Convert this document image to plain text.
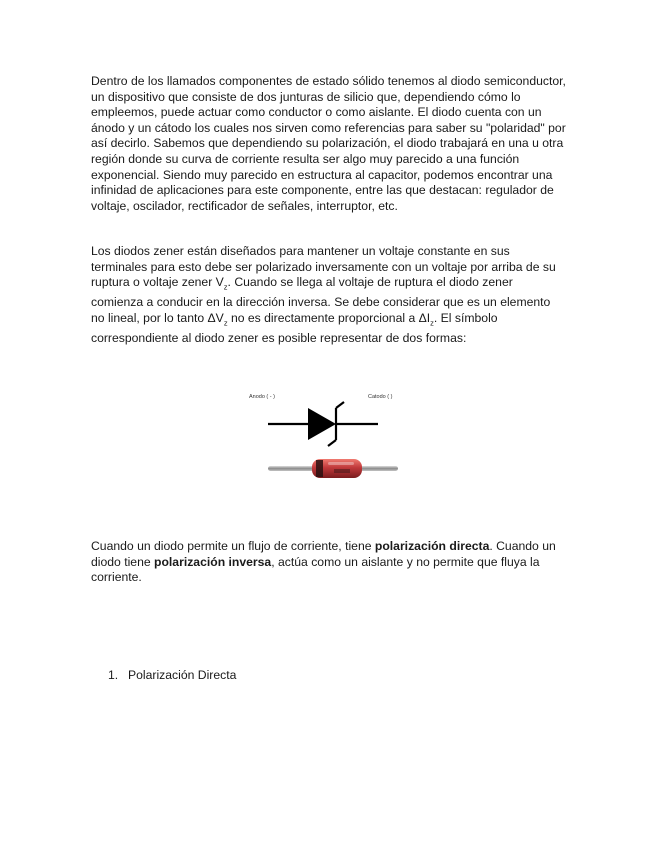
Dentro de los llamados componentes de estado sólido tenemos al diodo semiconductor, un dispositivo que consiste de dos junturas de silicio que, dependiendo cómo lo empleemos, puede actuar como conductor o como aislante. El diodo cuenta con un ánodo y un cátodo los cuales nos sirven como referencias para saber su "polaridad" por así decirlo. Sabemos que dependiendo su polarización, el diodo trabajará en una u otra región donde su curva de corriente resulta ser algo muy parecido a una función exponencial. Siendo muy parecido en estructura al capacitor, podemos encontrar una infinidad de aplicaciones para este componente, entre las que destacan: regulador de voltaje, oscilador, rectificador de señales, interruptor, etc.

Los diodos zener están diseñados para mantener un voltaje constante en sus terminales para esto debe ser polarizado inversamente con un voltaje por arriba de su ruptura o voltaje zener $V_z$. Cuando se llega al voltaje de ruptura el diodo zener comienza a conducir en la dirección inversa. Se debe considerar que es un elemento no lineal, por lo tanto $\Delta V_z$ no es directamente proporcional a $\Delta I_z$. El símbolo correspondiente al diodo zener es posible representar de dos formas:

Anodo ( - )	Catodo ( )

Cuando un diodo permite un flujo de corriente, tiene polarización directa. Cuando un diodo tiene polarización inversa, actúa como un aislante y no permite que fluya la corriente.

1. Polarización Directa
